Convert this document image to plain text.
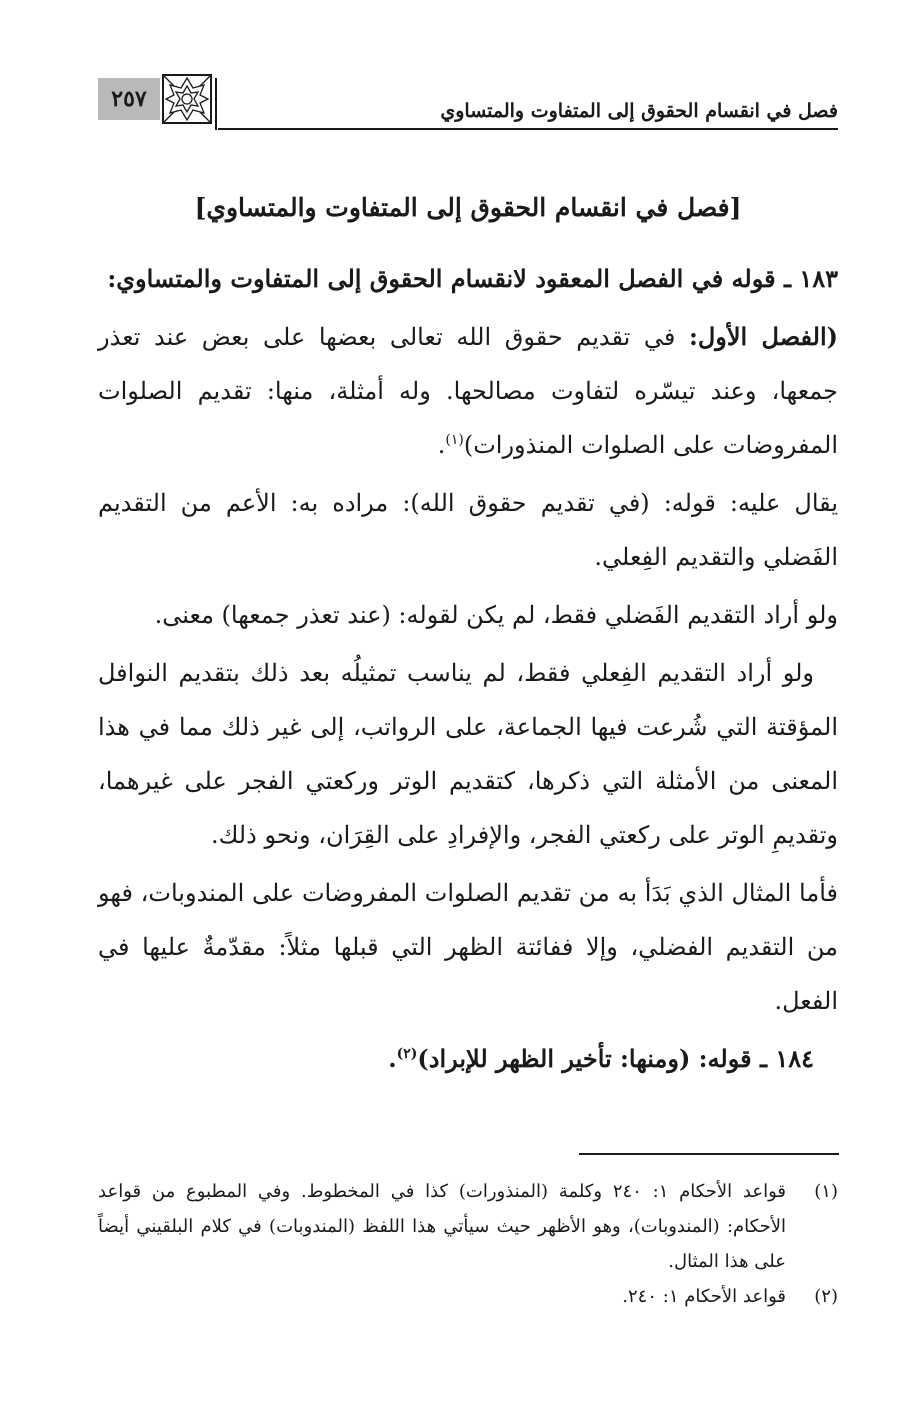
٢٥٧	فصل في انقسام الحقوق إلى المتفاوت والمتساوي
[فصل في انقسام الحقوق إلى المتفاوت والمتساوي]

١٨٣ ـ قوله في الفصل المعقود لانقسام الحقوق إلى المتفاوت والمتساوي:

(الفصل الأول: في تقديم حقوق الله تعالى بعضها على بعض عند تعذر جمعها، وعند تيسّره لتفاوت مصالحها. وله أمثلة، منها: تقديم الصلوات المفروضات على الصلوات المنذورات)$^{(١)}$.

يقال عليه: قوله: (في تقديم حقوق الله): مراده به: الأعم من التقديم الفَضلي والتقديم الفِعلي.

ولو أراد التقديم الفَضلي فقط، لم يكن لقوله: (عند تعذر جمعها) معنى.

ولو أراد التقديم الفِعلي فقط، لم يناسب تمثيلُه بعد ذلك بتقديم النوافل المؤقتة التي شُرعت فيها الجماعة، على الرواتب، إلى غير ذلك مما في هذا المعنى من الأمثلة التي ذكرها، كتقديم الوتر وركعتي الفجر على غيرهما، وتقديمِ الوتر على ركعتي الفجر، والإفرادِ على القِرَان، ونحو ذلك.

فأما المثال الذي بَدَأ به من تقديم الصلوات المفروضات على المندوبات، فهو من التقديم الفضلي، وإلا ففائتة الظهر التي قبلها مثلاً: مقدّمةٌ عليها في الفعل.

١٨٤ ـ قوله: (ومنها: تأخير الظهر للإبراد)$^{(٢)}$.

(١)
قواعد الأحكام ١: ٢٤٠ وكلمة (المنذورات) كذا في المخطوط. وفي المطبوع من قواعد الأحكام: (المندوبات)، وهو الأظهر حيث سيأتي هذا اللفظ (المندوبات) في كلام البلقيني أيضاً على هذا المثال.
(٢)
قواعد الأحكام ١: ٢٤٠.
